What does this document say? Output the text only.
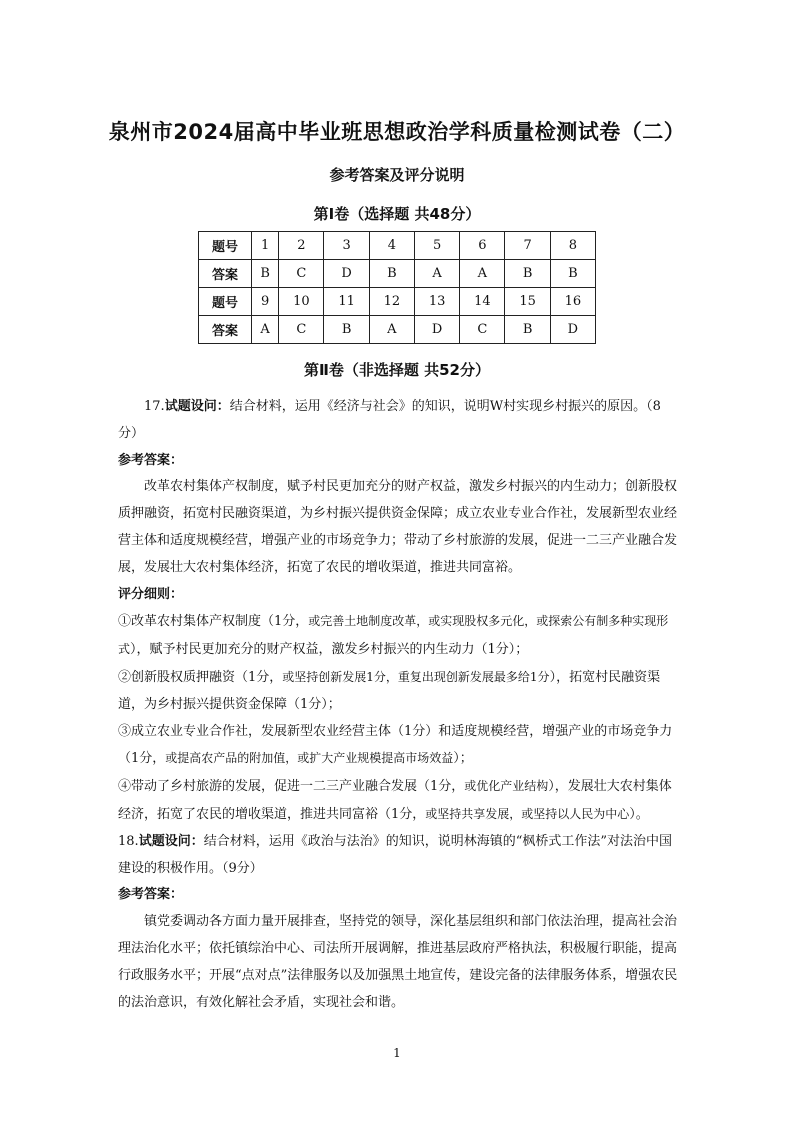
泉州市2024届高中毕业班思想政治学科质量检测试卷（二）
参考答案及评分说明
第Ⅰ卷（选择题 共48分）
题号	1	2	3	4	5	6	7	8
答案	B	C	D	B	A	A	B	B
题号	9	10	11	12	13	14	15	16
答案	A	C	B	A	D	C	B	D
第Ⅱ卷（非选择题 共52分）

17.试题设问：结合材料，运用《经济与社会》的知识，说明W村实现乡村振兴的原因。（8分）

参考答案：

改革农村集体产权制度，赋予村民更加充分的财产权益，激发乡村振兴的内生动力；创新股权质押融资，拓宽村民融资渠道，为乡村振兴提供资金保障；成立农业专业合作社，发展新型农业经营主体和适度规模经营，增强产业的市场竞争力；带动了乡村旅游的发展，促进一二三产业融合发展，发展壮大农村集体经济，拓宽了农民的增收渠道，推进共同富裕。

评分细则：

①改革农村集体产权制度（1分，或完善土地制度改革，或实现股权多元化，或探索公有制多种实现形式），赋予村民更加充分的财产权益，激发乡村振兴的内生动力（1分）；

②创新股权质押融资（1分，或坚持创新发展1分，重复出现创新发展最多给1分），拓宽村民融资渠道，为乡村振兴提供资金保障（1分）；

③成立农业专业合作社，发展新型农业经营主体（1分）和适度规模经营，增强产业的市场竞争力（1分，或提高农产品的附加值，或扩大产业规模提高市场效益）；

④带动了乡村旅游的发展，促进一二三产业融合发展（1分，或优化产业结构），发展壮大农村集体经济，拓宽了农民的增收渠道，推进共同富裕（1分，或坚持共享发展，或坚持以人民为中心）。

18.试题设问：结合材料，运用《政治与法治》的知识，说明林海镇的“枫桥式工作法”对法治中国建设的积极作用。（9分）

参考答案：

镇党委调动各方面力量开展排查，坚持党的领导，深化基层组织和部门依法治理，提高社会治理法治化水平；依托镇综治中心、司法所开展调解，推进基层政府严格执法，积极履行职能，提高行政服务水平；开展“点对点”法律服务以及加强黑土地宣传，建设完备的法律服务体系，增强农民的法治意识，有效化解社会矛盾，实现社会和谐。

1
